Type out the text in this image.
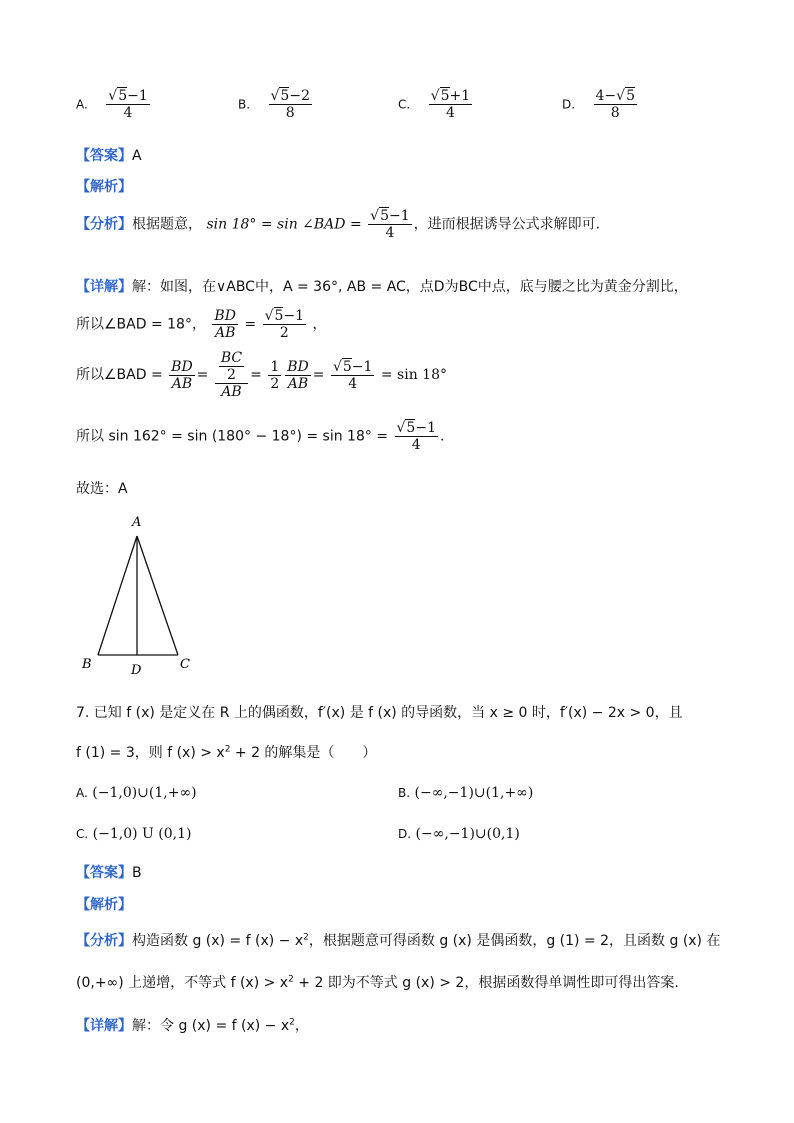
A. $\frac{√5-1}{4}$	B. $\frac{√5-2}{8}$	C. $\frac{√5+1}{4}$	D. $\frac{4-√5}{8}$
【答案】A
【解析】
【分析】根据题意， sin 18° = sin ∠BAD = $\frac{√5-1}{4}$ ，进而根据诱导公式求解即可.
【详解】解：如图，在∨ABC中，A = 36°, AB = AC，点D为BC中点，底与腰之比为黄金分割比，
所以∠BAD = 18°， $\frac{BD}{AB} = \frac{√5-1}{2}$ ，
所以∠BAD = $\frac{BD}{AB} = \frac{\frac{BC}{2}}{AB} = \frac{1}{2} \frac{BD}{AB} = \frac{√5-1}{4} = \sin 18^\circ$
所以 $\sin 162^\circ = \sin (180^\circ - 18^\circ) = \sin 18^\circ = \frac{√5-1}{4}$ .
故选：A
A
B	C
D
7. 已知 f (x) 是定义在 R 上的偶函数，f′(x) 是 f (x) 的导函数，当 x ≥ 0 时，f′(x) − 2x > 0，且
f (1) = 3，则 f $(x) > x^2 + 2$ 的解集是（　　）
A. (−1,0)∪(1,+∞)	B. (−∞,−1)∪(1,+∞)
C. (−1,0) U (0,1)	D. (−∞,−1)∪(0,1)
【答案】B
【解析】
【分析】构造函数 g (x) = f $(x) - x^2$，根据题意可得函数 g (x) 是偶函数，g (1) = 2，且函数 g (x) 在
(0,+∞) 上递增，不等式 f $(x) > x^2 + 2$ 即为不等式 g (x) > 2，根据函数得单调性即可得出答案.
【详解】解：令 g (x) = f $(x) - x^2$，
